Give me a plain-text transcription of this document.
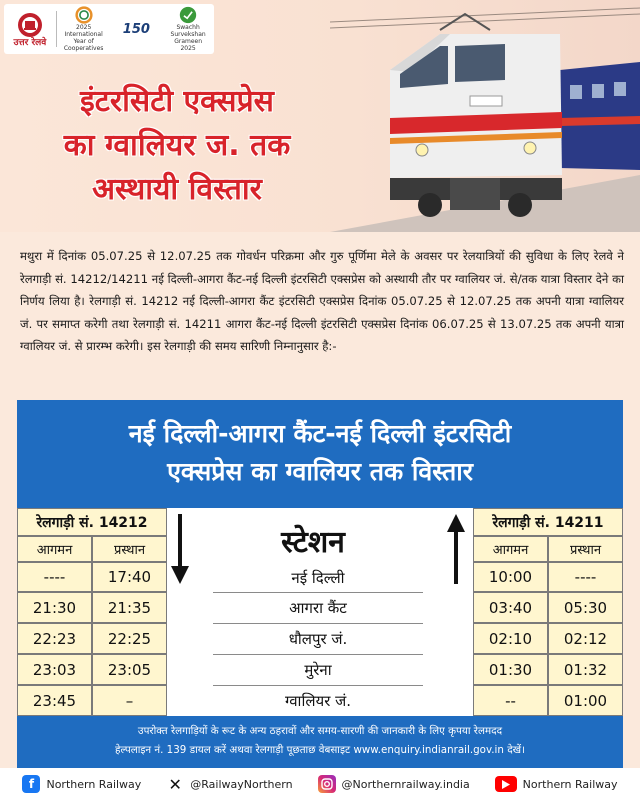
उत्तर रेलवे
2025
International Year of Cooperatives
150	Swachh Survekshan Grameen 2025
इंटरसिटी एक्सप्रेस
का ग्वालियर ज. तक
अस्थायी विस्तार
मथुरा में दिनांक 05.07.25 से 12.07.25 तक गोवर्धन परिक्रमा और गुरु पूर्णिमा मेले के अवसर पर रेलयात्रियों की सुविधा के लिए रेलवे ने रेलगाड़ी सं. 14212/14211 नई दिल्ली-आगरा कैंट-नई दिल्ली इंटरसिटी एक्सप्रेस को अस्थायी तौर पर ग्वालियर जं. से/तक यात्रा विस्तार देने का निर्णय लिया है। रेलगाड़ी सं. 14212 नई दिल्ली-आगरा कैंट इंटरसिटी एक्सप्रेस दिनांक 05.07.25 से 12.07.25 तक अपनी यात्रा ग्वालियर जं. पर समाप्त करेगी तथा रेलगाड़ी सं. 14211 आगरा कैंट-नई दिल्ली इंटरसिटी एक्सप्रेस दिनांक 06.07.25 से 13.07.25 तक अपनी यात्रा ग्वालियर जं. से प्रारम्भ करेगी। इस रेलगाड़ी की समय सारिणी निम्नानुसार है:-
नई दिल्ली-आगरा कैंट-नई दिल्ली इंटरसिटी
एक्सप्रेस का ग्वालियर तक विस्तार
रेलगाड़ी सं. 14212
आगमन	प्रस्थान
रेलगाड़ी सं. 14211
आगमन	प्रस्थान
स्टेशन
----	17:40	नई दिल्ली	10:00	----
21:30	21:35	आगरा कैंट	03:40	05:30
22:23	22:25	धौलपुर जं.	02:10	02:12
23:03	23:05	मुरेना	01:30	01:32
23:45	–	ग्वालियर जं.	--	01:00
उपरोक्त रेलगाड़ियों के रूट के अन्य ठहरावों और समय-सारणी की जानकारी के लिए कृपया रेलमदद
हेल्पलाइन नं. 139 डायल करें अथवा रेलगाड़ी पूछताछ वेबसाइट www.enquiry.indianrail.gov.in देखें।
f	Northern Railway ✕ @RailwayNorthern	@Northernrailway.india	Northern Railway
